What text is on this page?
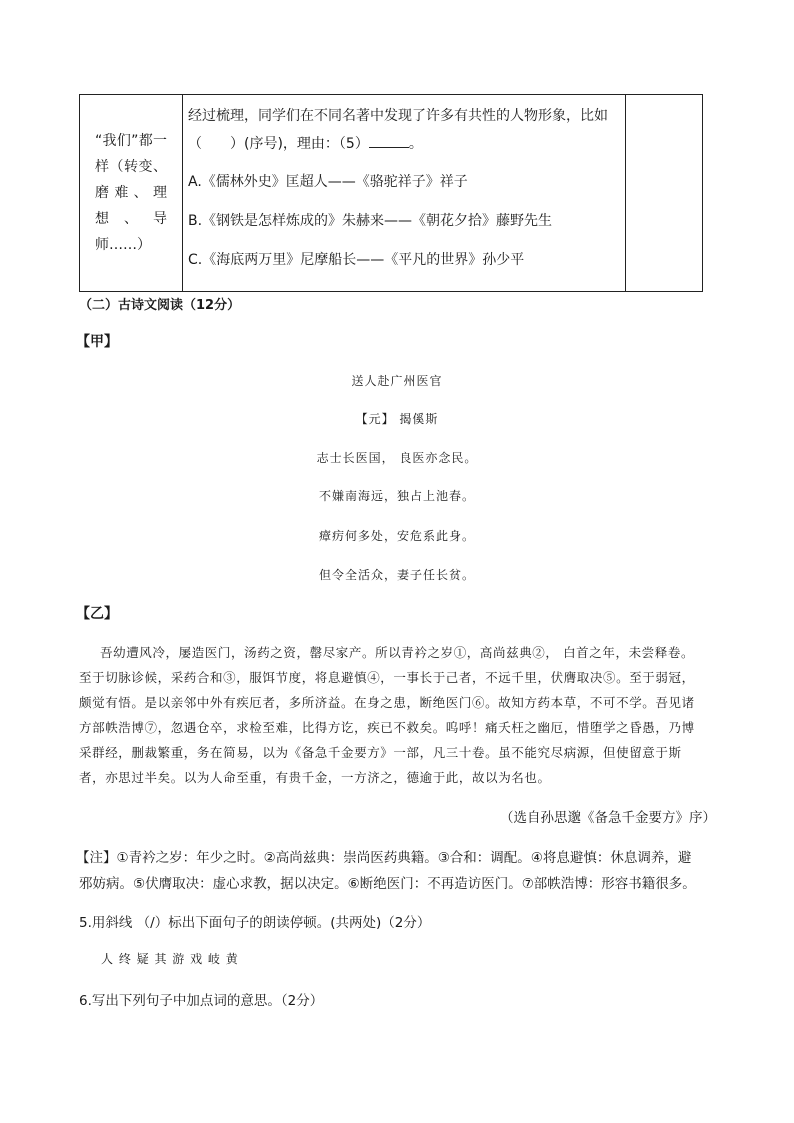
“我们”都一样（转变、磨难、理想、导师……）
经过梳理，同学们在不同名著中发现了许多有共性的人物形象，比如
（　　）(序号)，理由：（5）	。
A.《儒林外史》匡超人——《骆驼祥子》祥子
B.《钢铁是怎样炼成的》朱赫来——《朝花夕拾》藤野先生
C.《海底两万里》尼摩船长——《平凡的世界》孙少平
（二）古诗文阅读（12分）
【甲】
送人赴广州医官
【元】 揭傒斯
志士长医国， 良医亦念民。
不嫌南海远，独占上池春。
瘴疠何多处，安危系此身。
但令全活众，妻子任长贫。
【乙】
吾幼遭风冷，屡造医门，汤药之资，罄尽家产。所以青衿之岁①，高尚兹典②， 白首之年，未尝释卷。
至于切脉诊候，采药合和③，服饵节度，将息避慎④，一事长于己者，不远千里，伏膺取决⑤。至于弱冠，
颇觉有悟。是以亲邻中外有疾厄者，多所济益。在身之患，断绝医门⑥。故知方药本草，不可不学。吾见诸
方部帙浩博⑦，忽遇仓卒，求检至难，比得方讫，疾已不救矣。呜呼！痛夭枉之幽厄，惜堕学之昏愚，乃博
采群经，删裁繁重，务在简易，以为《备急千金要方》一部，凡三十卷。虽不能究尽病源，但使留意于斯
者，亦思过半矣。以为人命至重，有贵千金，一方济之，德逾于此，故以为名也。
（选自孙思邈《备急千金要方》序）
【注】①青衿之岁：年少之时。②高尚兹典：崇尚医药典籍。③合和：调配。④将息避慎：休息调养，避
邪妨病。⑤伏膺取决：虚心求教，据以决定。⑥断绝医门：不再造访医门。⑦部帙浩博：形容书籍很多。
5.用斜线 （/）标出下面句子的朗读停顿。(共两处)（2分）
人 终 疑 其 游 戏 岐 黄
6.写出下列句子中加点词的意思。（2分）
